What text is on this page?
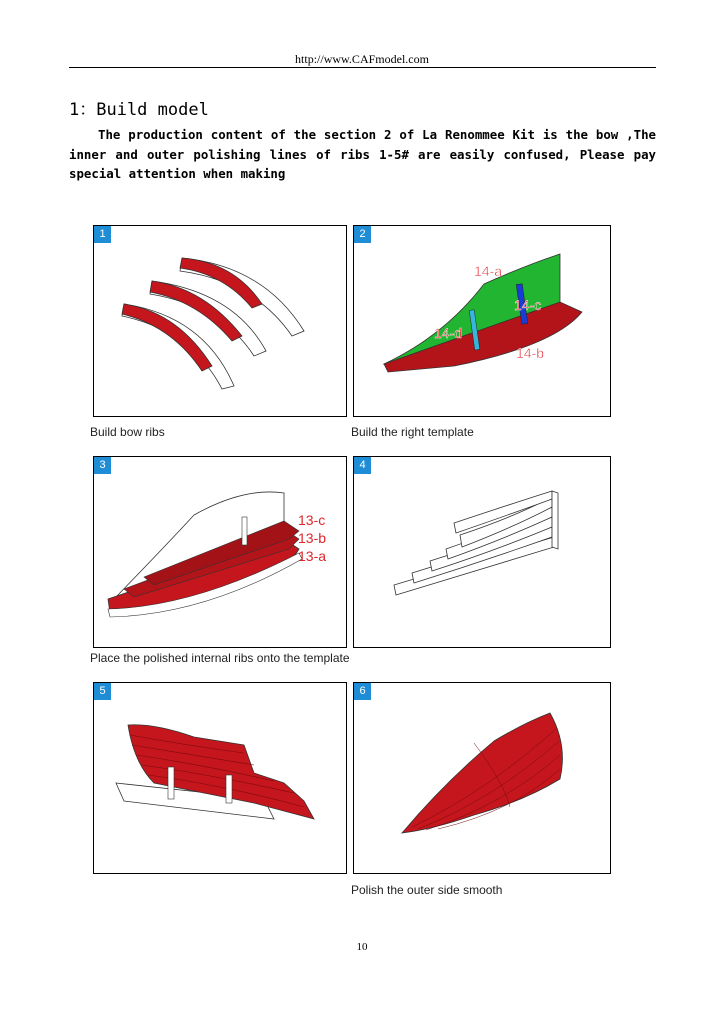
http://www.CAFmodel.com
1：Build model
The production content of the section 2 of La Renommee Kit is the bow ,The inner and outer polishing lines of ribs 1-5# are easily confused, Please pay special attention when making
1
Build bow ribs
14-a
14-c
14-d
14-b
2
Build the right template
13-c
13-b
13-a
3
Place the polished internal ribs onto the template
4
5	6
Polish the outer side smooth
10
